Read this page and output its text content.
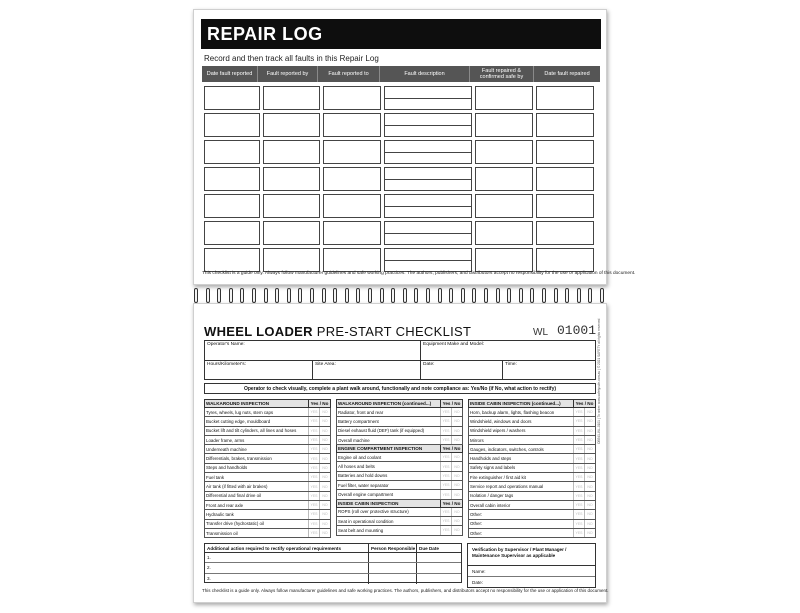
REPAIR LOG
Record and then track all faults in this Repair Log
Date fault reported	Fault reported by	Fault reported to	Fault description	Fault repaired & confirmed safe by	Date fault repaired
This checklist is a guide only. Always follow manufacturer guidelines and safe working practices. The authors, publishers, and distributors accept no responsibility for the use or application of this document.
WHEEL LOADER PRE-START CHECKLIST	WL 01001
Operator's Name:	Equipment Make and Model:
Hours/Kilometer's:	Site Area:	Date:	Time:
Operator to check visually, complete a plant walk around, functionally and note compliance as: Yes/No (if No, what action to rectify)
WALKAROUND INSPECTION	Yes / No
Tyres, wheels, lug nuts, stem caps	YES	NO
Bucket cutting edge, mouldboard	YES	NO
Bucket lift and tilt cylinders, all lines and hoses	YES	NO
Loader frame, arms	YES	NO
Underneath machine	YES	NO
Differentials, brakes, transmission	YES	NO
Steps and handholds	YES	NO
Fuel tank	YES	NO
Air tank (if fitted with air brakes)	YES	NO
Differential and final drive oil	YES	NO
Front and rear axle	YES	NO
Hydraulic tank	YES	NO
Transfer drive (hydrostatic) oil	YES	NO
Transmission oil	YES	NO
WALKAROUND INSPECTION (continued...)	Yes / No
Radiator, front and rear	YES	NO
Battery compartment	YES	NO
Diesel exhaust fluid (DEF) tank (if equipped)	YES	NO
Overall machine	YES	NO
ENGINE COMPARTMENT INSPECTION	Yes / No
Engine oil and coolant	YES	NO
All hoses and belts	YES	NO
Batteries and hold downs	YES	NO
Fuel filter, water separator	YES	NO
Overall engine compartment	YES	NO
INSIDE CABIN INSPECTION	Yes / No
ROPS (roll over protective structure)	YES	NO
Seat in operational condition	YES	NO
Seat belt and mounting	YES	NO
INSIDE CABIN INSPECTION (continued...)	Yes / No
Horn, backup alarm, lights, flashing beacon	YES	NO
Windshield, windows and doors	YES	NO
Windshield wipers / washers	YES	NO
Mirrors	YES	NO
Gauges, indicators, switches, controls	YES	NO
Handholds and steps	YES	NO
Safety signs and labels	YES	NO
Fire extinguisher / first aid kit	YES	NO
Service report and operations manual	YES	NO
Isolation / danger tags	YES	NO
Overall cabin interior	YES	NO
Other:	YES	NO
Other:	YES	NO
Other:	YES	NO
Additional action required to rectify operational requirements	Person Responsible Due Date
1.
2.
3.
Verification by Supervisor / Plant Manager / Maintenance Supervisor as applicable
Name:
Date:
OB541-WL-0101 | To order: www.safetycultr.com.au | © 2021 SAFETY all rights reserved
This checklist is a guide only. Always follow manufacturer guidelines and safe working practices. The authors, publishers, and distributors accept no responsibility for the use or application of this document.
